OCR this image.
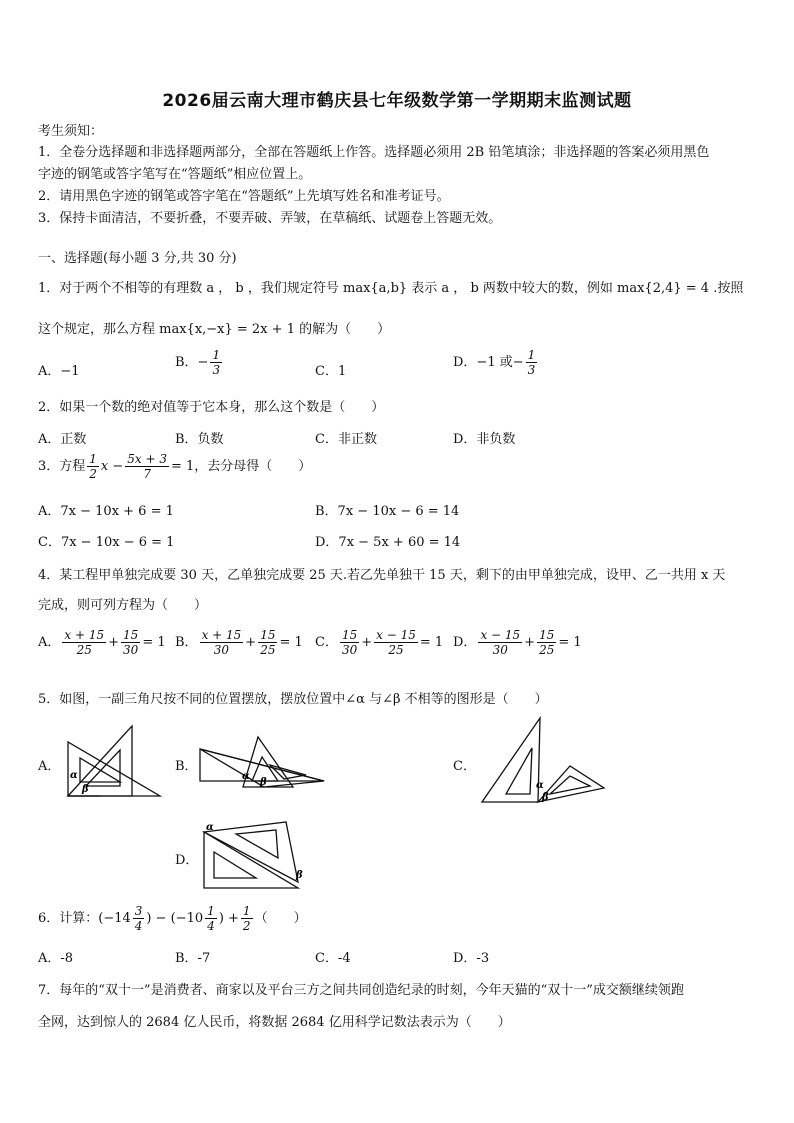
2026届云南大理市鹤庆县七年级数学第一学期期末监测试题
考生须知：
1．全卷分选择题和非选择题两部分，全部在答题纸上作答。选择题必须用 2B 铅笔填涂；非选择题的答案必须用黑色
字迹的钢笔或答字笔写在“答题纸”相应位置上。
2．请用黑色字迹的钢笔或答字笔在“答题纸”上先填写姓名和准考证号。
3．保持卡面清洁，不要折叠，不要弄破、弄皱，在草稿纸、试题卷上答题无效。
一、选择题(每小题 3 分,共 30 分)
1．对于两个不相等的有理数 a ， b ，我们规定符号 max{a,b} 表示 a ， b 两数中较大的数，例如 max{2,4} = 4 .按照
这个规定，那么方程 max{x,−x} = 2x + 1 的解为（　　）
A．−1
B．− $\frac{1}{3}$	C．1
D．−1 或− $\frac{1}{3}$
2．如果一个数的绝对值等于它本身，那么这个数是（　　）
A．正数	B．负数	C．非正数	D．非负数
3．方程 $\frac{1}{2}$ $x - \frac{5x + 3}{7} = 1$，去分母得（　　）
A．7x − 10x + 6 = 1	B．7x − 10x − 6 = 14
C．7x − 10x − 6 = 1	D．7x − 5x + 60 = 14
4．某工程甲单独完成要 30 天，乙单独完成要 25 天.若乙先单独干 15 天，剩下的由甲单独完成，设甲、乙一共用 x 天
完成，则可列方程为（　　）
A． $\frac{x + 15}{25} + \frac{15}{30} = 1$ B． $\frac{x + 15}{30} + \frac{15}{25} = 1$ C． $\frac{15}{30} + \frac{x - 15}{25} = 1$ D． $\frac{x - 15}{30} + \frac{15}{25} = 1$
5．如图，一副三角尺按不同的位置摆放，摆放位置中∠α 与∠β 不相等的图形是（　　）
A．
α
β
B．
α
β
C．
α
β
D．
α
β
6．计算：($-14 \frac{3}{4}$ ) − ($-10 \frac{1}{4}$ ) + $\frac{1}{2}$ （　　）
A．-8	B．-7	C．-4	D．-3
7．每年的“双十一”是消费者、商家以及平台三方之间共同创造纪录的时刻，今年天猫的“双十一”成交额继续领跑
全网，达到惊人的 2684 亿人民币，将数据 2684 亿用科学记数法表示为（　　）
